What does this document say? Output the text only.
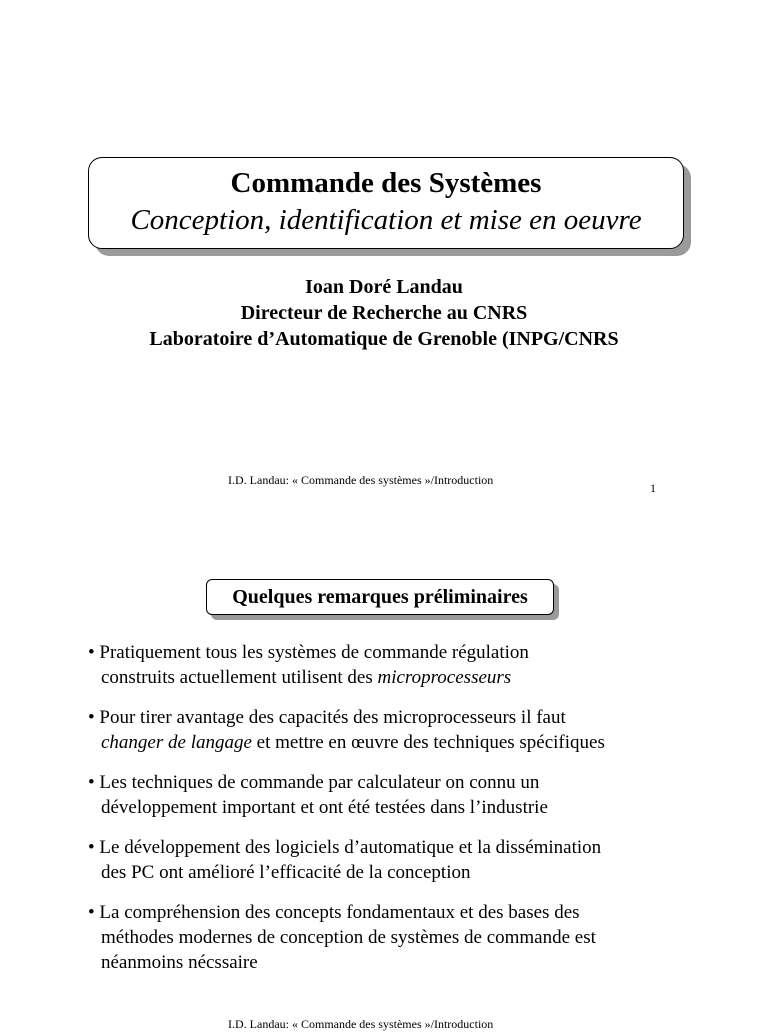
Commande des Systèmes
Conception, identification et mise en oeuvre
Ioan Doré Landau
Directeur de Recherche au CNRS
Laboratoire d’Automatique de Grenoble (INPG/CNRS
I.D. Landau: « Commande des systèmes »/Introduction
1
Quelques remarques préliminaires
• Pratiquement tous les systèmes de commande régulation
construits actuellement utilisent des microprocesseurs
• Pour tirer avantage des capacités des microprocesseurs il faut
changer de langage et mettre en œuvre des techniques spécifiques
• Les techniques de commande par calculateur on connu un
développement important et ont été testées dans l’industrie
• Le développement des logiciels d’automatique et la dissémination
des PC ont amélioré l’efficacité de la conception
• La compréhension des concepts fondamentaux et des bases des
méthodes modernes de conception de systèmes de commande est
néanmoins nécssaire
I.D. Landau: « Commande des systèmes »/Introduction
